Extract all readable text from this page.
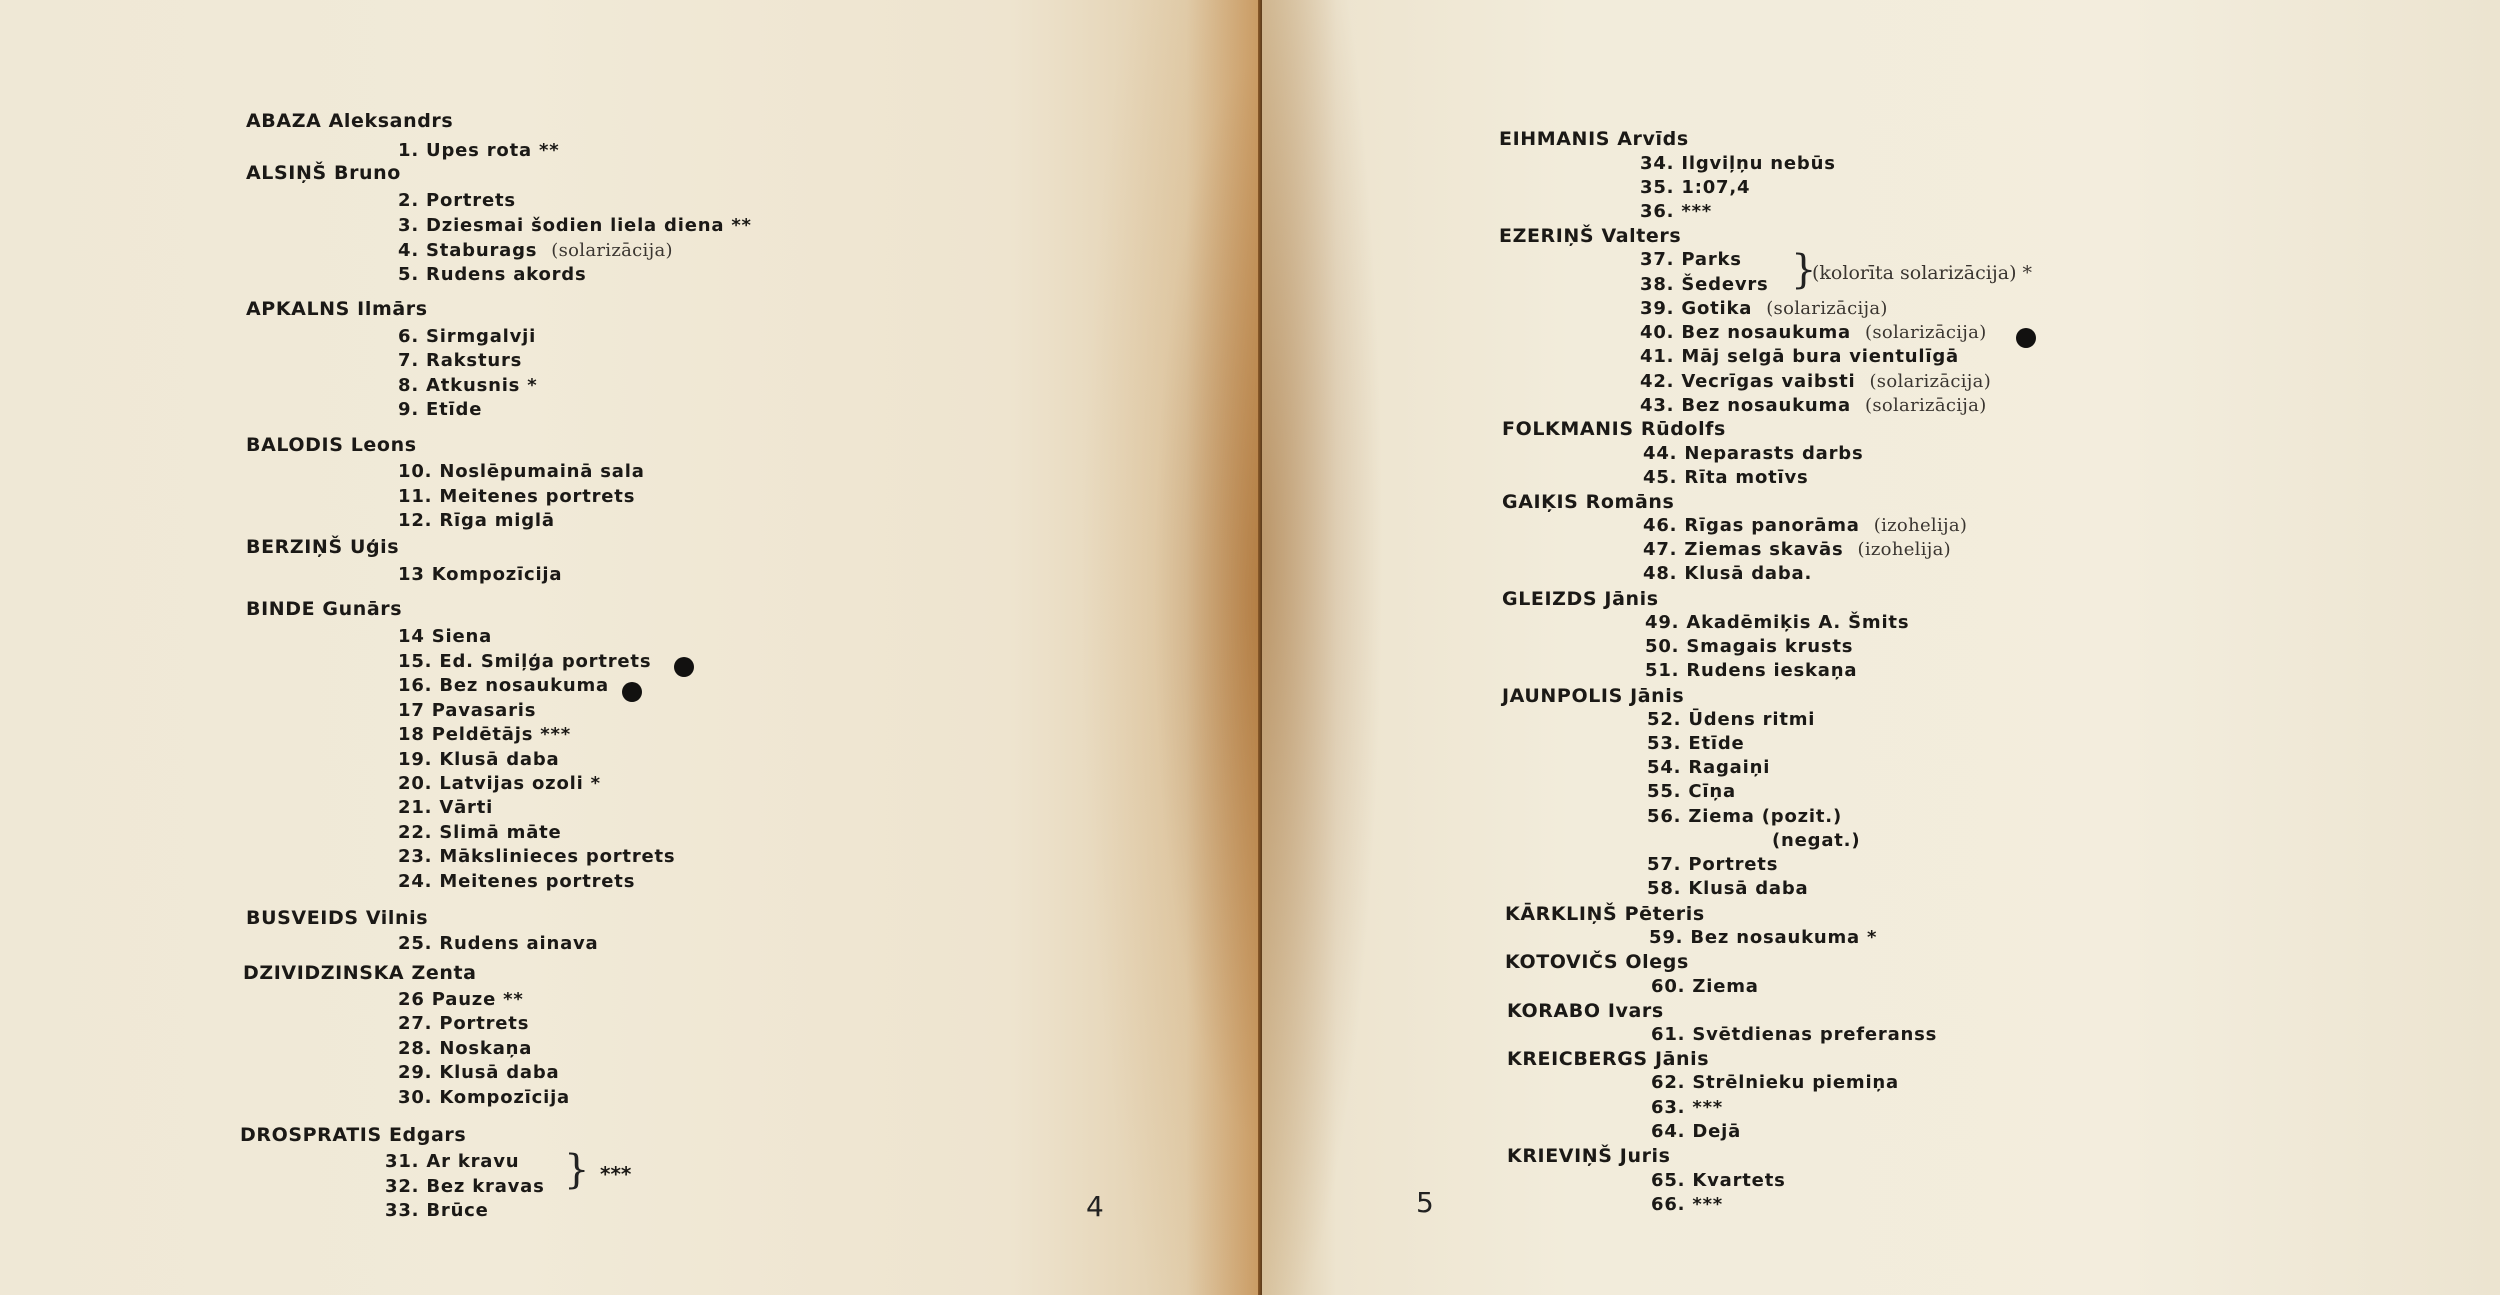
ABAZA Aleksandrs
1. Upes rota **
ALSIŅŠ Bruno
2. Portrets
3. Dziesmai šodien liela diena **
4. Staburags (solarizācija)
5. Rudens akords
APKALNS Ilmārs
6. Sirmgalvji
7. Raksturs
8. Atkusnis *
9. Etīde
BALODIS Leons
10. Noslēpumainā sala
11. Meitenes portrets
12. Rīga miglā
BERZIŅŠ Uģis
13 Kompozīcija
BINDE Gunārs
14 Siena
15. Ed. Smiļģa portrets
16. Bez nosaukuma
17 Pavasaris
18 Peldētājs ***
19. Klusā daba
20. Latvijas ozoli *
21. Vārti
22. Slimā māte
23. Mākslinieces portrets
24. Meitenes portrets
BUSVEIDS Vilnis
25. Rudens ainava
DZIVIDZINSKA Zenta
26 Pauze **
27. Portrets
28. Noskaņa
29. Klusā daba
30. Kompozīcija
DROSPRATIS Edgars
31. Ar kravu
32. Bez kravas } ***
33. Brūce	4
EIHMANIS Arvīds
34. Ilgviļņu nebūs
35. 1:07,4
36. ***
EZERIŅŠ Valters
37. Parks
38. Šedevrs }
(kolorīta solarizācija) *
39. Gotika (solarizācija)
40. Bez nosaukuma (solarizācija)
41. Māj selgā bura vientulīgā
42. Vecrīgas vaibsti (solarizācija)
43. Bez nosaukuma (solarizācija)
FOLKMANIS Rūdolfs
44. Neparasts darbs
45. Rīta motīvs
GAIĶIS Romāns
46. Rīgas panorāma (izohelija)
47. Ziemas skavās (izohelija)
48. Klusā daba.
GLEIZDS Jānis
49. Akadēmiķis A. Šmits
50. Smagais krusts
51. Rudens ieskaņa
JAUNPOLIS Jānis
52. Ūdens ritmi
53. Etīde
54. Ragaiņi
55. Cīņa
56. Ziema (pozit.)
(negat.)
57. Portrets
58. Klusā daba
KĀRKLIŅŠ Pēteris
59. Bez nosaukuma *
KOTOVIČS Olegs
60. Ziema
KORABO Ivars
61. Svētdienas preferanss
KREICBERGS Jānis
62. Strēlnieku piemiņa
63. ***
64. Dejā
KRIEVIŅŠ Juris
65. Kvartets
66. ***
5
